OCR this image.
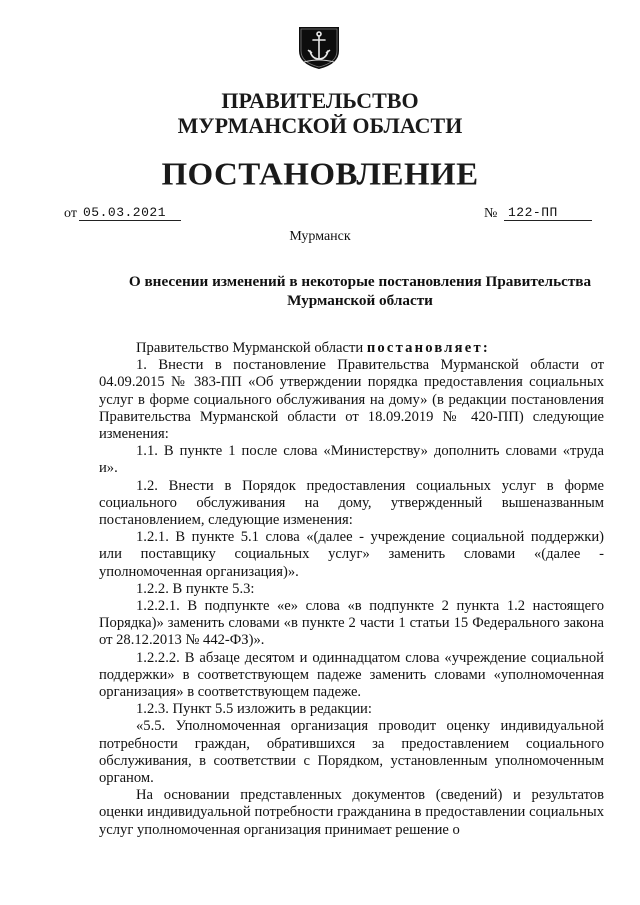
ПРАВИТЕЛЬСТВО
МУРМАНСКОЙ ОБЛАСТИ
ПОСТАНОВЛЕНИЕ
от 05.03.2021	№ 122-ПП
Мурманск
О внесении изменений в некоторые постановления Правительства
Мурманской области

Правительство Мурманской области постановляет:

1. Внести в постановление Правительства Мурманской области от 04.09.2015 № 383-ПП «Об утверждении порядка предоставления социальных услуг в форме социального обслуживания на дому» (в редакции постановления Правительства Мурманской области от 18.09.2019 № 420-ПП) следующие изменения:

1.1. В пункте 1 после слова «Министерству» дополнить словами «труда и».

1.2. Внести в Порядок предоставления социальных услуг в форме социального обслуживания на дому, утвержденный вышеназванным постановлением, следующие изменения:

1.2.1. В пункте 5.1 слова «(далее - учреждение социальной поддержки) или поставщику социальных услуг» заменить словами «(далее - уполномоченная организация)».

1.2.2. В пункте 5.3:

1.2.2.1. В подпункте «е» слова «в подпункте 2 пункта 1.2 настоящего Порядка)» заменить словами «в пункте 2 части 1 статьи 15 Федерального закона от 28.12.2013 № 442-ФЗ)».

1.2.2.2. В абзаце десятом и одиннадцатом слова «учреждение социальной поддержки» в соответствующем падеже заменить словами «уполномоченная организация» в соответствующем падеже.

1.2.3. Пункт 5.5 изложить в редакции:

«5.5. Уполномоченная организация проводит оценку индивидуальной потребности граждан, обратившихся за предоставлением социального обслуживания, в соответствии с Порядком, установленным уполномоченным органом.

На основании представленных документов (сведений) и результатов оценки индивидуальной потребности гражданина в предоставлении социальных услуг уполномоченная организация принимает решение о
